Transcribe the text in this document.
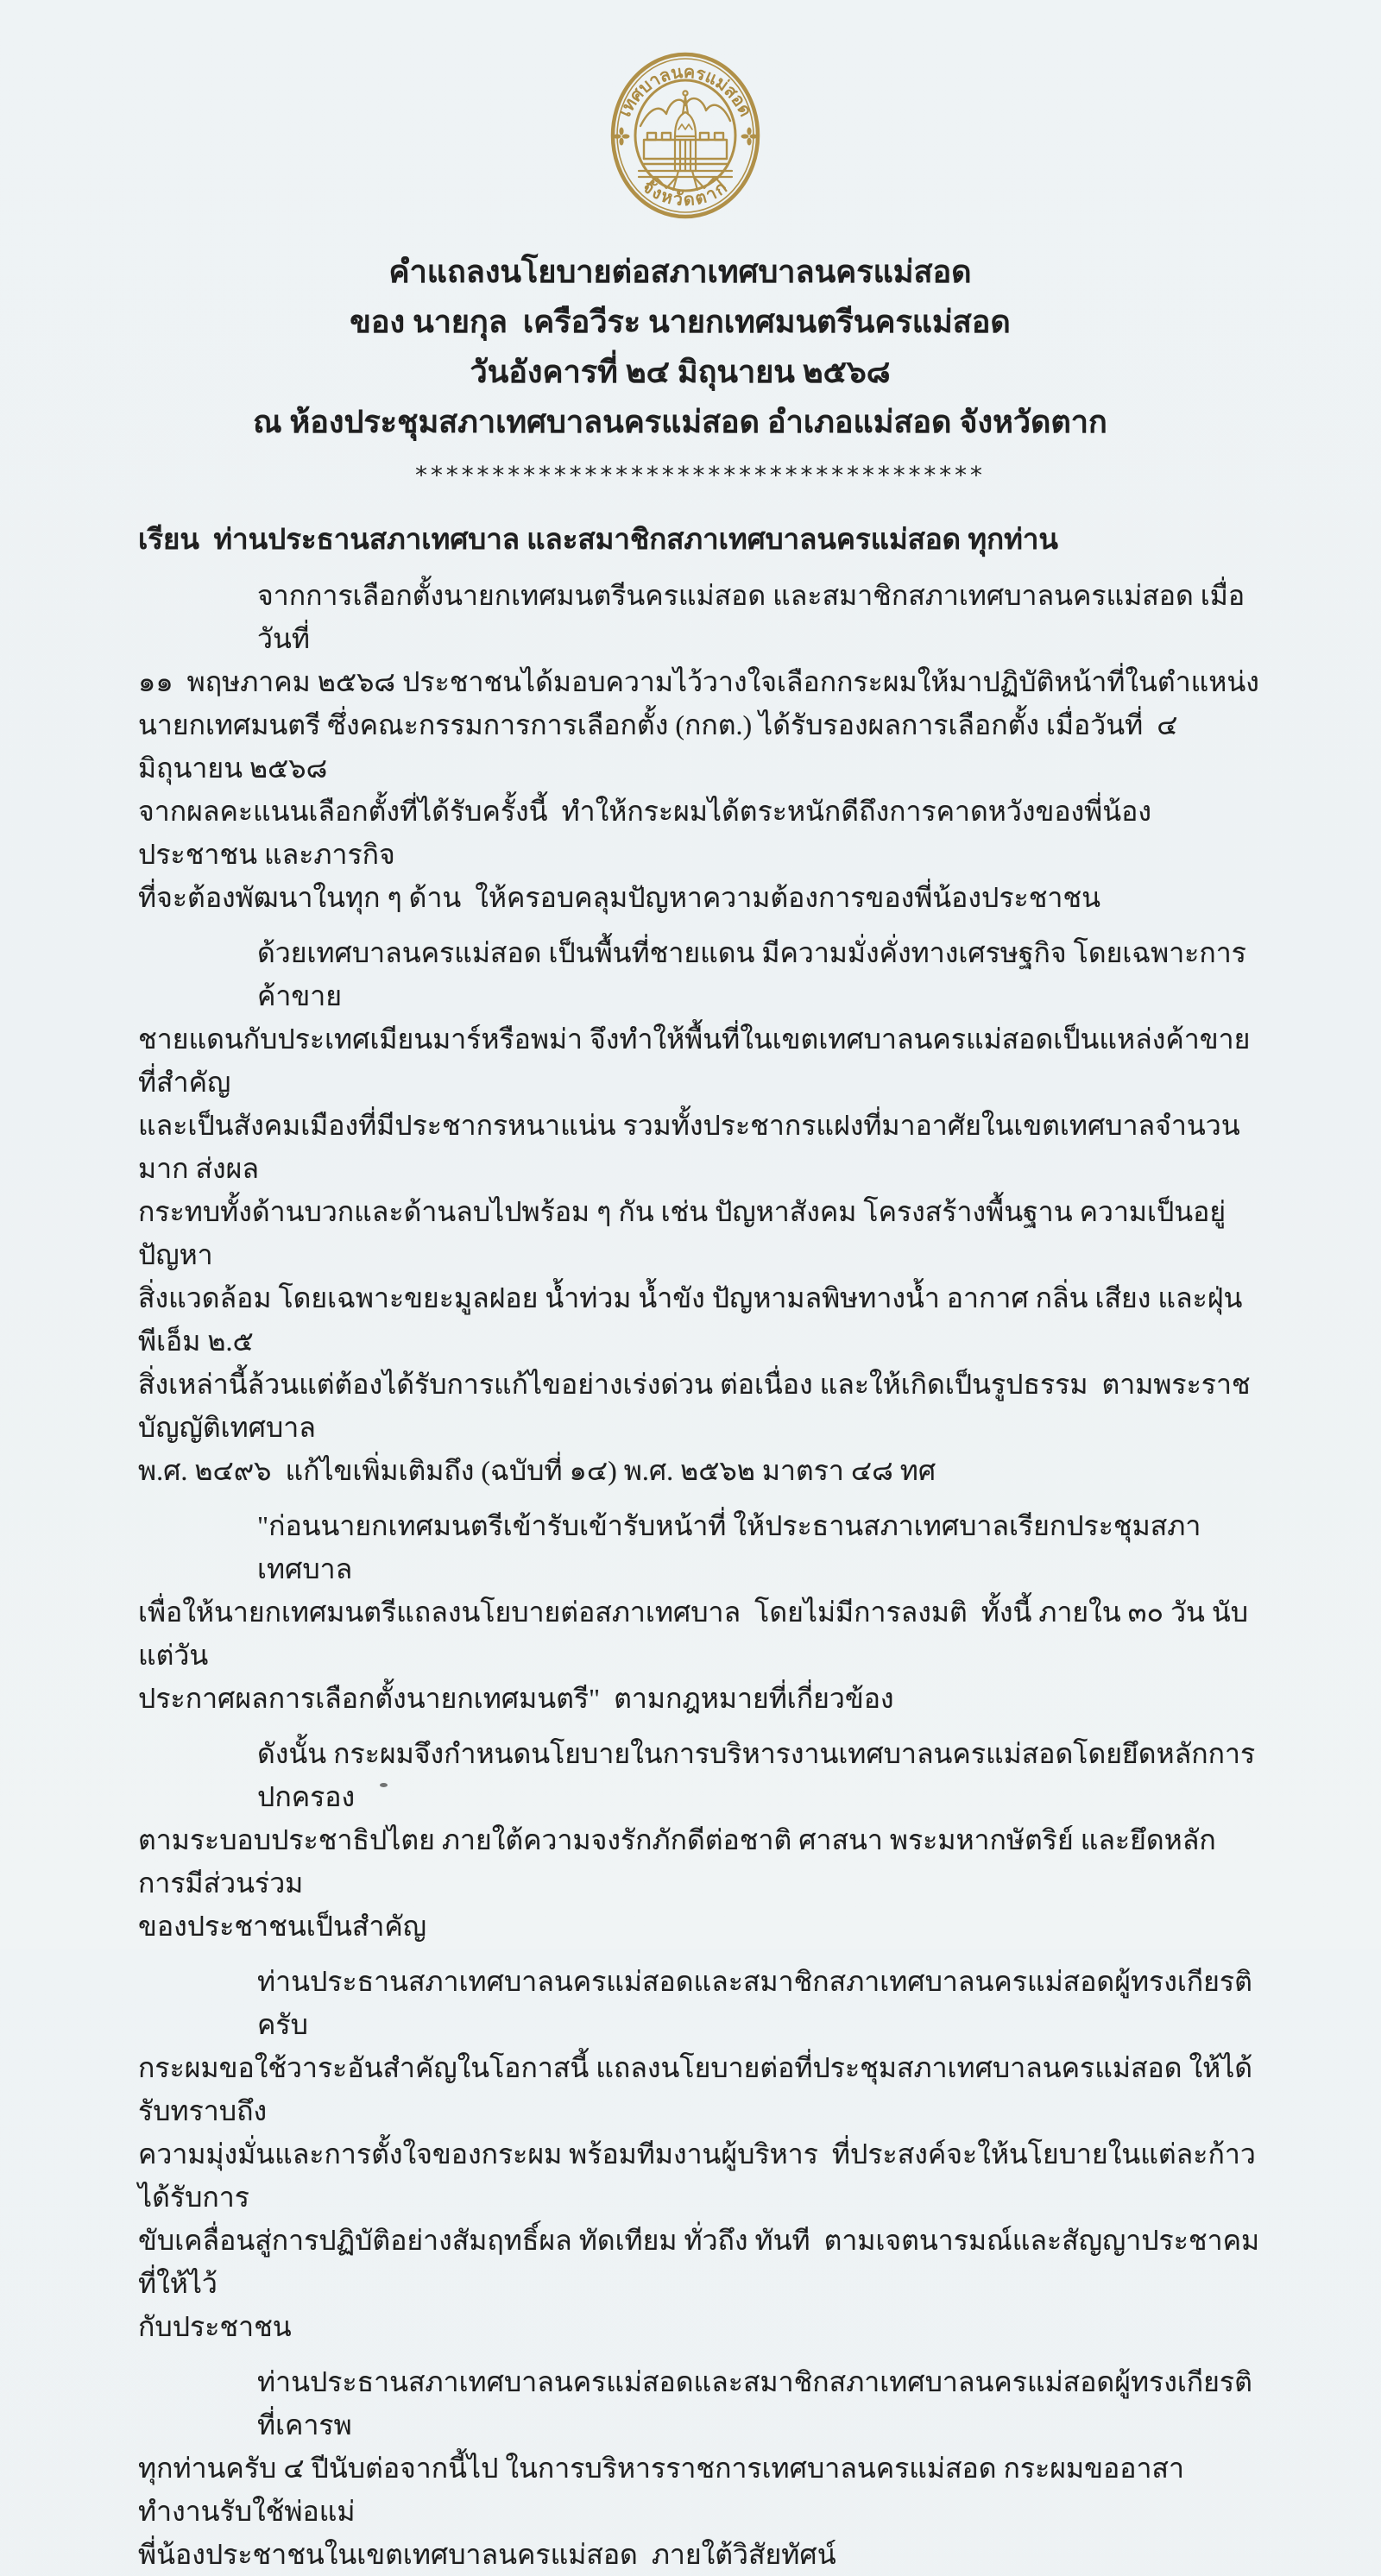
เทศบาลนครแม่สอด
จังหวัดตาก
คำแถลงนโยบายต่อสภาเทศบาลนครแม่สอด
ของ นายกุล  เครือวีระ นายกเทศมนตรีนครแม่สอด
วันอังคารที่ ๒๔ มิถุนายน ๒๕๖๘
ณ ห้องประชุมสภาเทศบาลนครแม่สอด อำเภอแม่สอด จังหวัดตาก
*************************************
เรียน  ท่านประธานสภาเทศบาล และสมาชิกสภาเทศบาลนครแม่สอด ทุกท่าน
จากการเลือกตั้งนายกเทศมนตรีนครแม่สอด และสมาชิกสภาเทศบาลนครแม่สอด เมื่อวันที่
๑๑  พฤษภาคม ๒๕๖๘ ประชาชนได้มอบความไว้วางใจเลือกกระผมให้มาปฏิบัติหน้าที่ในตำแหน่ง
นายกเทศมนตรี ซึ่งคณะกรรมการการเลือกตั้ง (กกต.) ได้รับรองผลการเลือกตั้ง เมื่อวันที่  ๔  มิถุนายน ๒๕๖๘
จากผลคะแนนเลือกตั้งที่ได้รับครั้งนี้  ทำให้กระผมได้ตระหนักดีถึงการคาดหวังของพี่น้องประชาชน และภารกิจ
ที่จะต้องพัฒนาในทุก ๆ ด้าน  ให้ครอบคลุมปัญหาความต้องการของพี่น้องประชาชน
ด้วยเทศบาลนครแม่สอด เป็นพื้นที่ชายแดน มีความมั่งคั่งทางเศรษฐกิจ โดยเฉพาะการค้าขาย
ชายแดนกับประเทศเมียนมาร์หรือพม่า จึงทำให้พื้นที่ในเขตเทศบาลนครแม่สอดเป็นแหล่งค้าขายที่สำคัญ
และเป็นสังคมเมืองที่มีประชากรหนาแน่น รวมทั้งประชากรแฝงที่มาอาศัยในเขตเทศบาลจำนวนมาก ส่งผล
กระทบทั้งด้านบวกและด้านลบไปพร้อม ๆ กัน เช่น ปัญหาสังคม โครงสร้างพื้นฐาน ความเป็นอยู่ ปัญหา
สิ่งแวดล้อม โดยเฉพาะขยะมูลฝอย น้ำท่วม น้ำขัง ปัญหามลพิษทางน้ำ อากาศ กลิ่น เสียง และฝุ่นพีเอ็ม ๒.๕
สิ่งเหล่านี้ล้วนแต่ต้องได้รับการแก้ไขอย่างเร่งด่วน ต่อเนื่อง และให้เกิดเป็นรูปธรรม  ตามพระราชบัญญัติเทศบาล
พ.ศ. ๒๔๙๖  แก้ไขเพิ่มเติมถึง (ฉบับที่ ๑๔) พ.ศ. ๒๕๖๒ มาตรา ๔๘ ทศ
"ก่อนนายกเทศมนตรีเข้ารับเข้ารับหน้าที่ ให้ประธานสภาเทศบาลเรียกประชุมสภาเทศบาล
เพื่อให้นายกเทศมนตรีแถลงนโยบายต่อสภาเทศบาล  โดยไม่มีการลงมติ  ทั้งนี้ ภายใน ๓๐ วัน นับแต่วัน
ประกาศผลการเลือกตั้งนายกเทศมนตรี"  ตามกฎหมายที่เกี่ยวข้อง
ดังนั้น กระผมจึงกำหนดนโยบายในการบริหารงานเทศบาลนครแม่สอดโดยยึดหลักการปกครอง
ตามระบอบประชาธิปไตย ภายใต้ความจงรักภักดีต่อชาติ ศาสนา พระมหากษัตริย์ และยึดหลักการมีส่วนร่วม
ของประชาชนเป็นสำคัญ
ท่านประธานสภาเทศบาลนครแม่สอดและสมาชิกสภาเทศบาลนครแม่สอดผู้ทรงเกียรติครับ
กระผมขอใช้วาระอันสำคัญในโอกาสนี้ แถลงนโยบายต่อที่ประชุมสภาเทศบาลนครแม่สอด ให้ได้รับทราบถึง
ความมุ่งมั่นและการตั้งใจของกระผม พร้อมทีมงานผู้บริหาร  ที่ประสงค์จะให้นโยบายในแต่ละก้าว  ได้รับการ
ขับเคลื่อนสู่การปฏิบัติอย่างสัมฤทธิ์ผล ทัดเทียม ทั่วถึง ทันที  ตามเจตนารมณ์และสัญญาประชาคมที่ให้ไว้
กับประชาชน
ท่านประธานสภาเทศบาลนครแม่สอดและสมาชิกสภาเทศบาลนครแม่สอดผู้ทรงเกียรติที่เคารพ
ทุกท่านครับ ๔ ปีนับต่อจากนี้ไป ในการบริหารราชการเทศบาลนครแม่สอด กระผมขออาสาทำงานรับใช้พ่อแม่
พี่น้องประชาชนในเขตเทศบาลนครแม่สอด  ภายใต้วิสัยทัศน์
